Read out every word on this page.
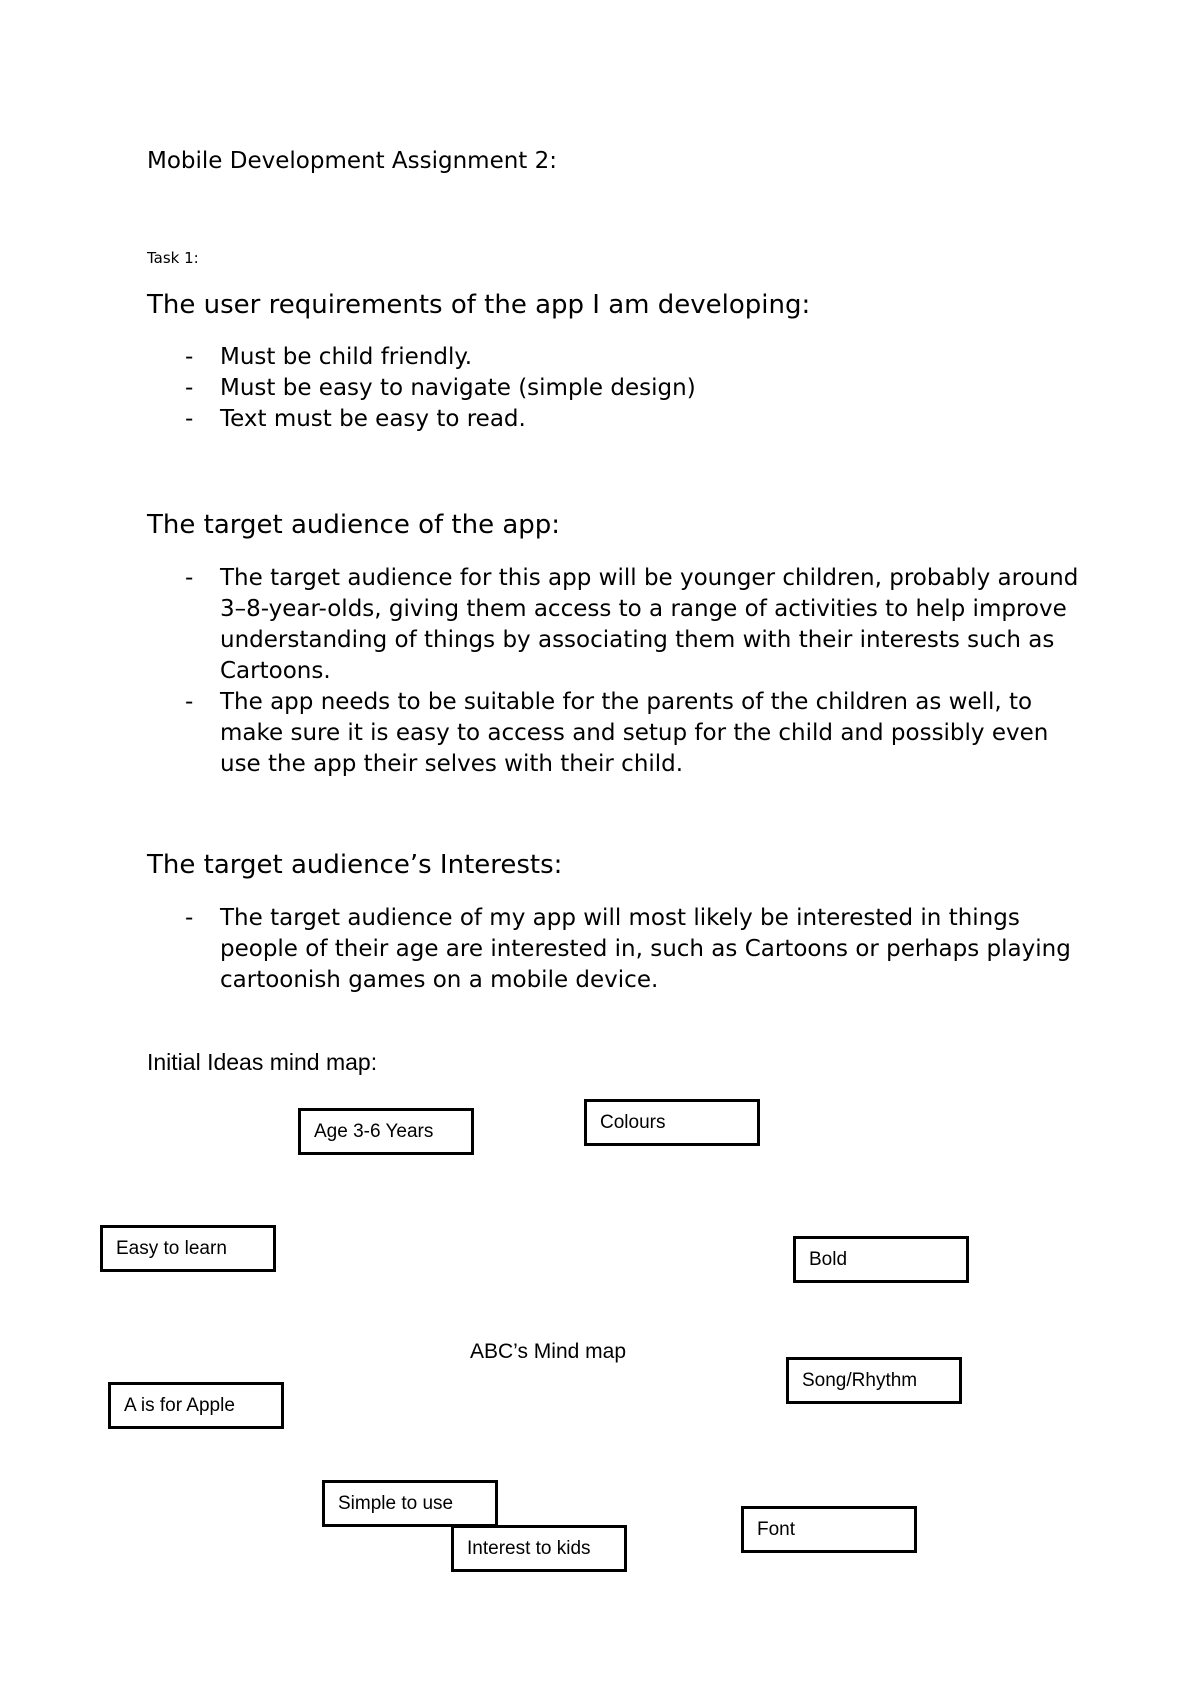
Mobile Development Assignment 2:
Task 1:
The user requirements of the app I am developing:
- Must be child friendly.
- Must be easy to navigate (simple design)
- Text must be easy to read.
The target audience of the app:
- The target audience for this app will be younger children, probably around 3–8-year-olds, giving them access to a range of activities to help improve understanding of things by associating them with their interests such as Cartoons.
- The app needs to be suitable for the parents of the children as well, to make sure it is easy to access and setup for the child and possibly even use the app their selves with their child.
The target audience’s Interests:
- The target audience of my app will most likely be interested in things people of their age are interested in, such as Cartoons or perhaps playing cartoonish games on a mobile device.
Initial Ideas mind map:
Age 3-6 Years	Colours
Easy to learn
Bold
Song/Rhythm
A is for Apple
Simple to use
Interest to kids
Font
ABC’s Mind map
